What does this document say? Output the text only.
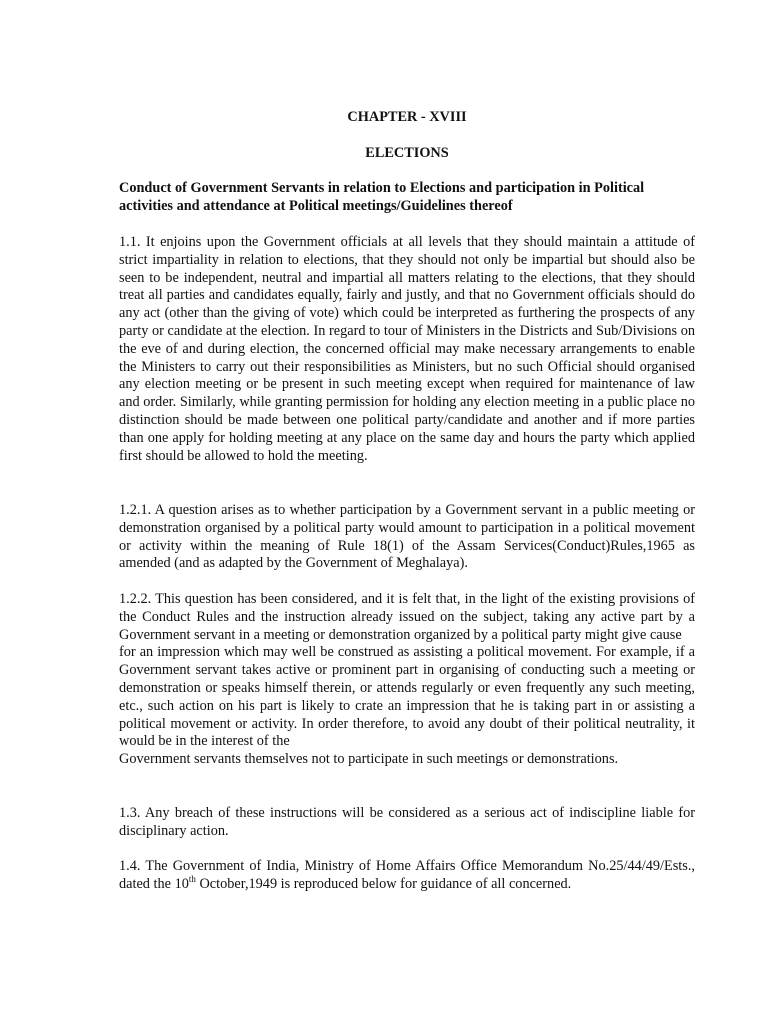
CHAPTER - XVIII
ELECTIONS
Conduct of Government Servants in relation to Elections and participation in Political activities and attendance at Political meetings/Guidelines thereof
1.1. It enjoins upon the Government officials at all levels that they should maintain a attitude of strict impartiality in relation to elections, that they should not only be impartial but should also be seen to be independent, neutral and impartial all matters relating to the elections, that they should treat all parties and candidates equally, fairly and justly, and that no Government officials should do any act (other than the giving of vote) which could be interpreted as furthering the prospects of any party or candidate at the election. In regard to tour of Ministers in the Districts and Sub/Divisions on the eve of and during election, the concerned official may make necessary arrangements to enable the Ministers to carry out their responsibilities as Ministers, but no such Official should organised any election meeting or be present in such meeting except when required for maintenance of law and order. Similarly, while granting permission for holding any election meeting in a public place no distinction should be made between one political party/candidate and another and if more parties than one apply for holding meeting at any place on the same day and hours the party which applied first should be allowed to hold the meeting.
1.2.1. A question arises as to whether participation by a Government servant in a public meeting or demonstration organised by a political party would amount to participation in a political movement or activity within the meaning of Rule 18(1) of the Assam Services(Conduct)Rules,1965 as amended (and as adapted by the Government of Meghalaya).
1.2.2. This question has been considered, and it is felt that, in the light of the existing provisions of the Conduct Rules and the instruction already issued on the subject, taking any active part by a Government servant in a meeting or demonstration organized by a political party might give cause
for an impression which may well be construed as assisting a political movement. For example, if a Government servant takes active or prominent part in organising of conducting such a meeting or demonstration or speaks himself therein, or attends regularly or even frequently any such meeting, etc., such action on his part is likely to crate an impression that he is taking part in or assisting a political movement or activity. In order therefore, to avoid any doubt of their political neutrality, it would be in the interest of the
Government servants themselves not to participate in such meetings or demonstrations.
1.3. Any breach of these instructions will be considered as a serious act of indiscipline liable for disciplinary action.
1.4. The Government of India, Ministry of Home Affairs Office Memorandum No.25/44/49/Ests., dated the 10th October,1949 is reproduced below for guidance of all concerned.
